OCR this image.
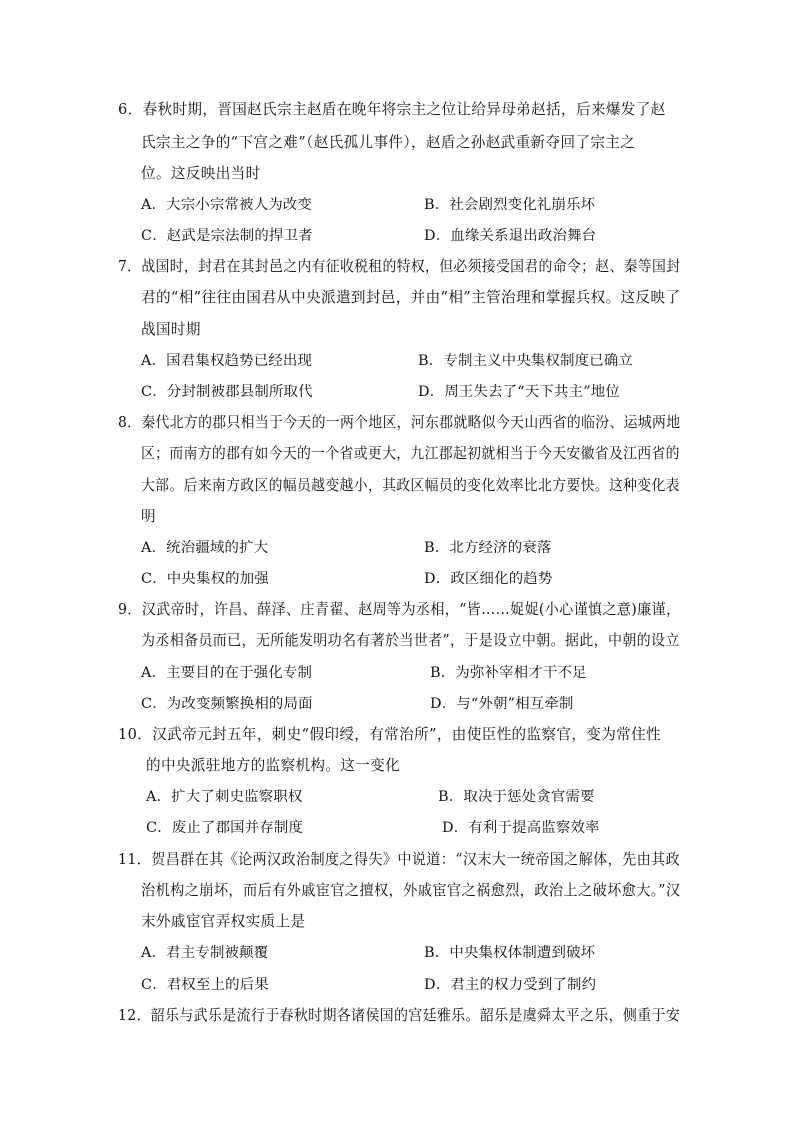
6．春秋时期，晋国赵氏宗主赵盾在晚年将宗主之位让给异母弟赵括，后来爆发了赵
氏宗主之争的“下宫之难”（赵氏孤儿事件），赵盾之孙赵武重新夺回了宗主之
位。这反映出当时
A．大宗小宗常被人为改变	B．社会剧烈变化礼崩乐坏
C．赵武是宗法制的捍卫者	D．血缘关系退出政治舞台
7．战国时，封君在其封邑之内有征收税租的特权，但必须接受国君的命令；赵、秦等国封
君的“相”往往由国君从中央派遣到封邑，并由“相”主管治理和掌握兵权。这反映了
战国时期
A．国君集权趋势已经出现	B．专制主义中央集权制度已确立
C．分封制被郡县制所取代	D．周王失去了“天下共主”地位
8．秦代北方的郡只相当于今天的一两个地区，河东郡就略似今天山西省的临汾、运城两地
区；而南方的郡有如今天的一个省或更大，九江郡起初就相当于今天安徽省及江西省的
大部。后来南方政区的幅员越变越小，其政区幅员的变化效率比北方要快。这种变化表
明
A．统治疆域的扩大	B．北方经济的衰落
C．中央集权的加强	D．政区细化的趋势
9．汉武帝时，许昌、薛泽、庄青翟、赵周等为丞相，“皆……娖娖(小心谨慎之意)廉谨，
为丞相备员而已，无所能发明功名有著於当世者”，于是设立中朝。据此，中朝的设立
A．主要目的在于强化专制	B．为弥补宰相才干不足
C．为改变频繁换相的局面	D．与“外朝”相互牵制
10．汉武帝元封五年，刺史“假印绶，有常治所”，由使臣性的监察官，变为常住性
的中央派驻地方的监察机构。这一变化
A．扩大了刺史监察职权	B．取决于惩处贪官需要
C．废止了郡国并存制度	D．有利于提高监察效率
11．贺昌群在其《论两汉政治制度之得失》中说道：“汉末大一统帝国之解体，先由其政
治机构之崩坏，而后有外戚宦官之擅权，外戚宦官之祸愈烈，政治上之破坏愈大。”汉
末外戚宦官弄权实质上是
A．君主专制被颠覆	B．中央集权体制遭到破坏
C．君权至上的后果	D．君主的权力受到了制约
12．韶乐与武乐是流行于春秋时期各诸侯国的宫廷雅乐。韶乐是虞舜太平之乐，侧重于安
